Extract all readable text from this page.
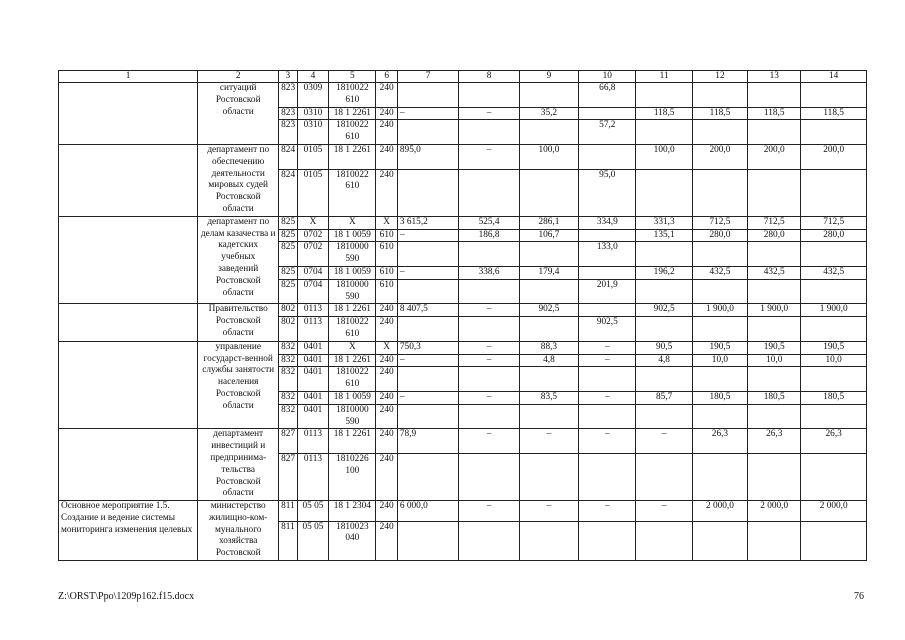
1	2	3	4	5	6	7	8	9	10	11	12	13	14
	ситуаций Ростовской области	823	0309	1810022 610	240				66,8				
		823	0310	18 1 2261	240	–	–	35,2		118,5	118,5	118,5	118,5
		823	0310	1810022 610	240				57,2				
	департамент по обеспечению деятельности мировых судей Ростовской области	824	0105	18 1 2261	240	895,0	–	100,0		100,0	200,0	200,0	200,0
		824	0105	1810022 610	240				95,0				
	департамент по делам казачества и кадетских учебных заведений Ростовской области	825	Х	Х	Х	3 615,2	525,4	286,1	334,9	331,3	712,5	712,5	712,5
		825	0702	18 1 0059	610	–	186,8	106,7		135,1	280,0	280,0	280,0
		825	0702	1810000 590	610				133,0				
		825	0704	18 1 0059	610	–	338,6	179,4		196,2	432,5	432,5	432,5
		825	0704	1810000 590	610				201,9				
	Правительство Ростовской области	802	0113	18 1 2261	240	8 407,5	–	902,5		902,5	1 900,0	1 900,0	1 900,0
		802	0113	1810022 610	240				902,5				
	управление государст-венной службы занятости населения Ростовской области	832	0401	Х	Х	750,3	–	88,3	–	90,5	190,5	190,5	190,5
		832	0401	18 1 2261	240	–	–	4,8	–	4,8	10,0	10,0	10,0
		832	0401	1810022 610	240								
		832	0401	18 1 0059	240	–	–	83,5	–	85,7	180,5	180,5	180,5
		832	0401	1810000 590	240								
	департамент инвестиций и предпринима-тельства Ростовской области	827	0113	18 1 2261	240	78,9	–	–	–	–	26,3	26,3	26,3
		827	0113	1810226 100	240								
Основное мероприятие 1.5. Создание и ведение системы мониторинга изменения целевых	министерство жилищно-ком-мунального хозяйства Ростовской	811	05 05	18 1 2304	240	6 000,0	–	–	–	–	2 000,0	2 000,0	2 000,0
		811	05 05	1810023 040	240								
Z:\ORST\Ppo\1209p162.f15.docx	76
